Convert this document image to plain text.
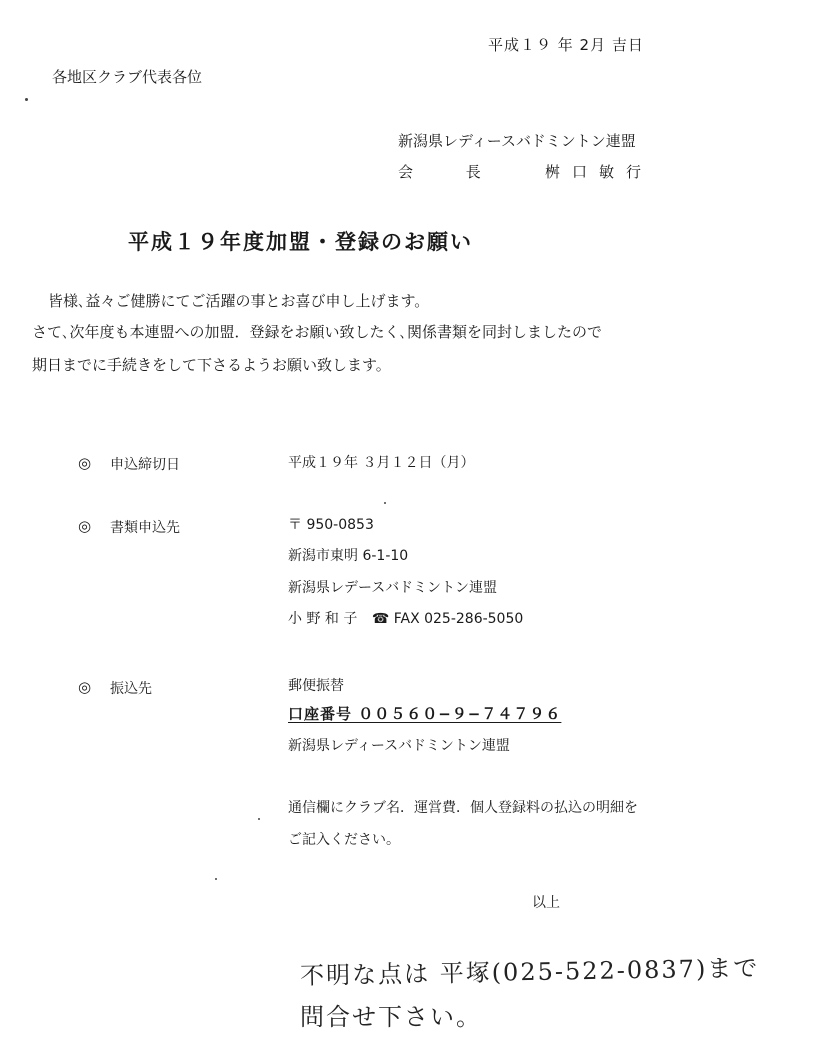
平成１９ 年 2月 吉日
各地区クラブ代表各位
新潟県レディースバドミントン連盟
会 長	桝口敏行
平成１９年度加盟・登録のお願い
皆様､益々ご健勝にてご活躍の事とお喜び申し上げます。
さて､次年度も本連盟への加盟．登録をお願い致したく､関係書類を同封しましたので
期日までに手続きをして下さるようお願い致します。
◎ 申込締切日	平成１９年 ３月１２日（月）
◎ 書類申込先	〒 950-0853
新潟市東明 6-1-10
新潟県レデースバドミントン連盟
小 野 和 子 ☎ FAX 025-286-5050
◎ 振込先	郵便振替
口座番号 ００５６０−９−７４７９６
新潟県レディースバドミントン連盟
通信欄にクラブ名．運営費．個人登録料の払込の明細を
ご記入ください。
以上
不明な点は 平塚(025-522-0837)まで
問合せ下さい。
